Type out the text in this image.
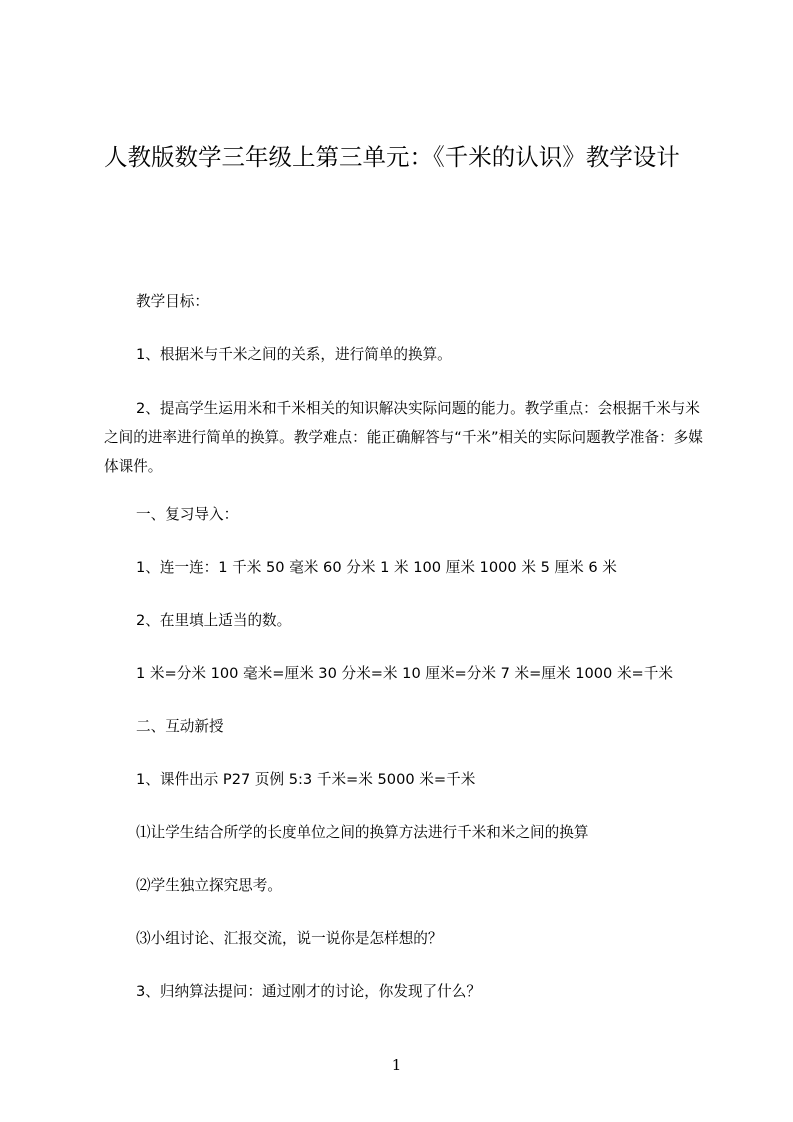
人教版数学三年级上第三单元：《千米的认识》教学设计
教学目标：
1、根据米与千米之间的关系，进行简单的换算。
2、提高学生运用米和千米相关的知识解决实际问题的能力。教学重点：会根据千米与米之间的进率进行简单的换算。教学难点：能正确解答与“千米”相关的实际问题教学准备：多媒体课件。
一、复习导入：
1、连一连：1 千米 50 毫米 60 分米 1 米 100 厘米 1000 米 5 厘米 6 米
2、在里填上适当的数。
1 米=分米 100 毫米=厘米 30 分米=米 10 厘米=分米 7 米=厘米 1000 米=千米
二、互动新授
1、课件出示 P27 页例 5:3 千米=米 5000 米=千米
⑴让学生结合所学的长度单位之间的换算方法进行千米和米之间的换算
⑵学生独立探究思考。
⑶小组讨论、汇报交流，说一说你是怎样想的？
3、归纳算法提问：通过刚才的讨论，你发现了什么？
1
